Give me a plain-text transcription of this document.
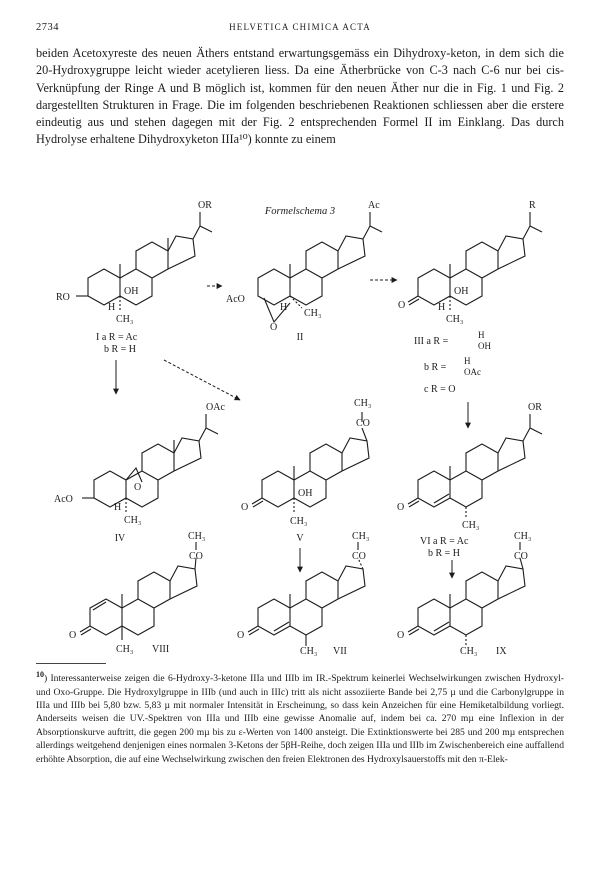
2734	HELVETICA CHIMICA ACTA

beiden Acetoxyreste des neuen Äthers entstand erwartungsgemäss ein Dihydroxy-keton, in dem sich die 20-Hydroxygruppe leicht wieder acetylieren liess. Da eine Ätherbrücke von C-3 nach C-6 nur bei cis-Verknüpfung der Ringe A und B möglich ist, kommen für den neuen Äther nur die in Fig. 1 und Fig. 2 dargestellten Strukturen in Frage. Die im folgenden beschriebenen Reaktionen schliessen aber die erstere eindeutig aus und stehen dagegen mit der Fig. 2 entsprechenden Formel II im Einklang. Das durch Hydrolyse erhaltene Dihydroxyketon IIIa¹⁰) konnte zu einem

Formelschema 3
OR
RO
OH
H
CH₃
I a R = Ac
b R = H
Ac
AcO
H
CH₃
O
II
R
O
OH
H
CH₃
III a R =
H
OH
b R =
H
OAc
c R = O
OAc
AcO
O
H
CH₃
IV
CH₃
CO
O
OH
CH₃
V
OR
O
CH₃
VI a R = Ac
b R = H
CH₃
CO
O
CH₃ VIII
CH₃
CO
O
CH₃ VII
CH₃
CO
O
CH₃ IX

$^{10}$) Interessanterweise zeigen die 6-Hydroxy-3-ketone IIIa und IIIb im IR.-Spektrum keinerlei Wechselwirkungen zwischen Hydroxyl- und Oxo-Gruppe. Die Hydroxylgruppe in IIIb (und auch in IIIc) tritt als nicht assoziierte Bande bei 2,75 µ und die Carbonylgruppe in IIIa und IIIb bei 5,80 bzw. 5,83 µ mit normaler Intensität in Erscheinung, so dass kein Anzeichen für eine Hemiketalbildung vorliegt. Anderseits weisen die UV.-Spektren von IIIa und IIIb eine gewisse Anomalie auf, indem bei ca. 270 mµ eine Inflexion in der Absorptionskurve auftritt, die gegen 200 mµ bis zu ε-Werten von 1400 ansteigt. Die Extinktionswerte bei 285 und 200 mµ entsprechen allerdings weitgehend denjenigen eines normalen 3-Ketons der 5βH-Reihe, doch zeigen IIIa und IIIb im Zwischenbereich eine auffallend erhöhte Absorption, die auf eine Wechselwirkung zwischen den freien Elektronen des Hydroxylsauerstoffs mit den π-Elek-
